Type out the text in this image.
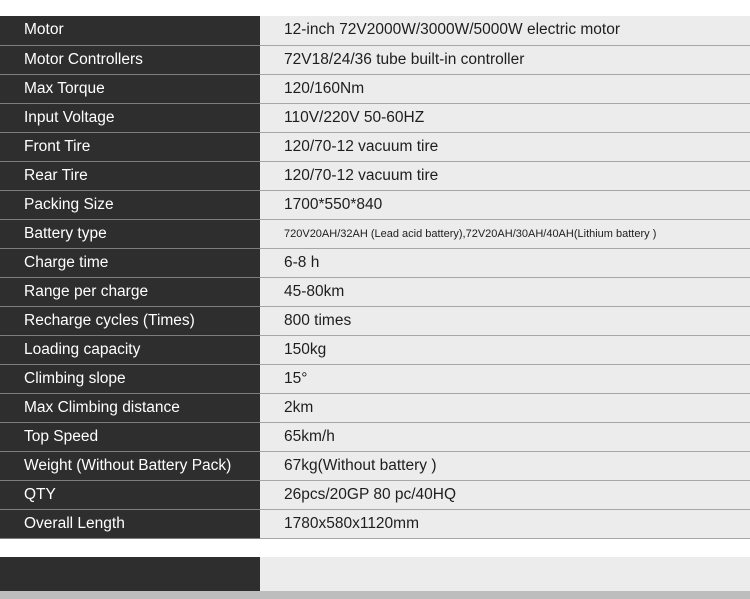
Motor	12-inch 72V2000W/3000W/5000W electric motor
Motor Controllers	72V18/24/36 tube built-in controller
Max Torque	120/160Nm
Input Voltage	110V/220V 50-60HZ
Front Tire	120/70-12 vacuum tire
Rear Tire	120/70-12 vacuum tire
Packing Size	1700*550*840
Battery type	720V20AH/32AH (Lead acid battery),72V20AH/30AH/40AH(Lithium battery )
Charge time	6-8 h
Range per charge	45-80km
Recharge cycles (Times)	800 times
Loading capacity	150kg
Climbing slope	15°
Max Climbing distance	2km
Top Speed	65km/h
Weight (Without Battery Pack)	67kg(Without battery )
QTY	26pcs/20GP 80 pc/40HQ
Overall Length	1780x580x1120mm
